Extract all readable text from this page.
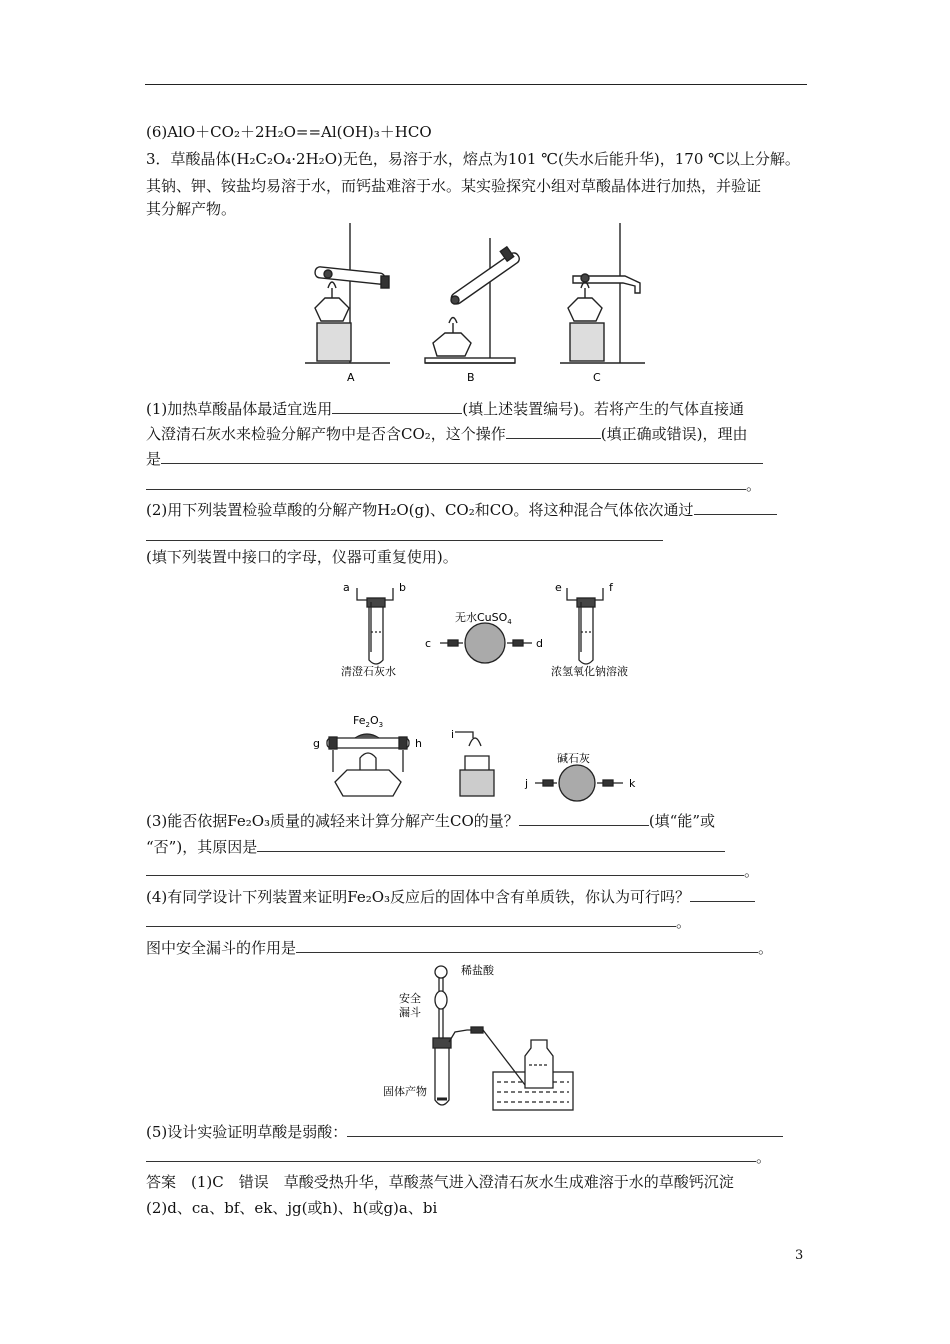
(6)AlO＋CO₂＋2H₂O==Al(OH)₃＋HCO
3．草酸晶体(H₂C₂O₄·2H₂O)无色，易溶于水，熔点为101 ℃(失水后能升华)，170 ℃以上分解。
其钠、钾、铵盐均易溶于水，而钙盐难溶于水。某实验探究小组对草酸晶体进行加热，并验证
其分解产物。
A	B	C
(1)加热草酸晶体最适宜选用	(填上述装置编号)。若将产生的气体直接通
入澄清石灰水来检验分解产物中是否含CO₂，这个操作	(填正确或错误)，理由
是
。
(2)用下列装置检验草酸的分解产物H₂O(g)、CO₂和CO。将这种混合气体依次通过
(填下列装置中接口的字母，仪器可重复使用)。
a	b
c	d
e	f
无水CuSO$_4$
清澄石灰水	浓氢氧化钠溶液
$Fe_2O_3$
g	h
i
碱石灰
j	k
(3)能否依据Fe₂O₃质量的减轻来计算分解产生CO的量？	(填“能”或
“否”)，其原因是
。
(4)有同学设计下列装置来证明Fe₂O₃反应后的固体中含有单质铁，你认为可行吗？
。
图中安全漏斗的作用是	。
稀盐酸
安全
漏斗
固体产物
(5)设计实验证明草酸是弱酸：
。
答案　(1)C　错误　草酸受热升华，草酸蒸气进入澄清石灰水生成难溶于水的草酸钙沉淀
(2)d、ca、bf、ek、jg(或h)、h(或g)a、bi
3
